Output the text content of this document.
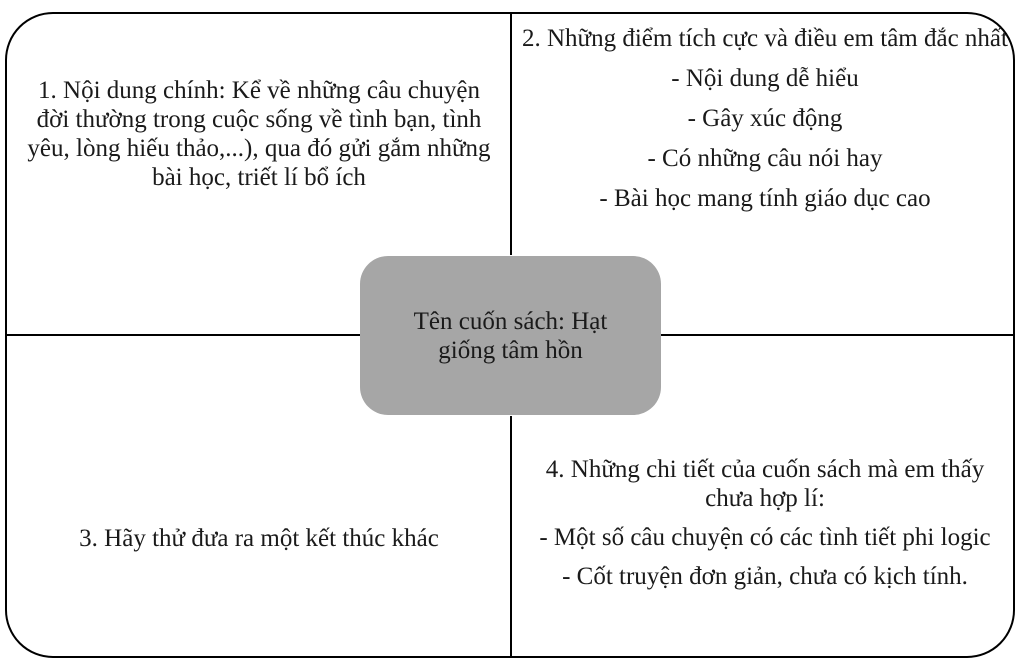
1. Nội dung chính: Kể về những câu chuyện đời thường trong cuộc sống về tình bạn, tình yêu, lòng hiếu thảo,...), qua đó gửi gắm những bài học, triết lí bổ ích
2. Những điểm tích cực và điều em tâm đắc nhất
- Nội dung dễ hiểu
- Gây xúc động
- Có những câu nói hay
- Bài học mang tính giáo dục cao
3. Hãy thử đưa ra một kết thúc khác
4. Những chi tiết của cuốn sách mà em thấy chưa hợp lí:
- Một số câu chuyện có các tình tiết phi logic
- Cốt truyện đơn giản, chưa có kịch tính.
Tên cuốn sách: Hạt giống tâm hồn
